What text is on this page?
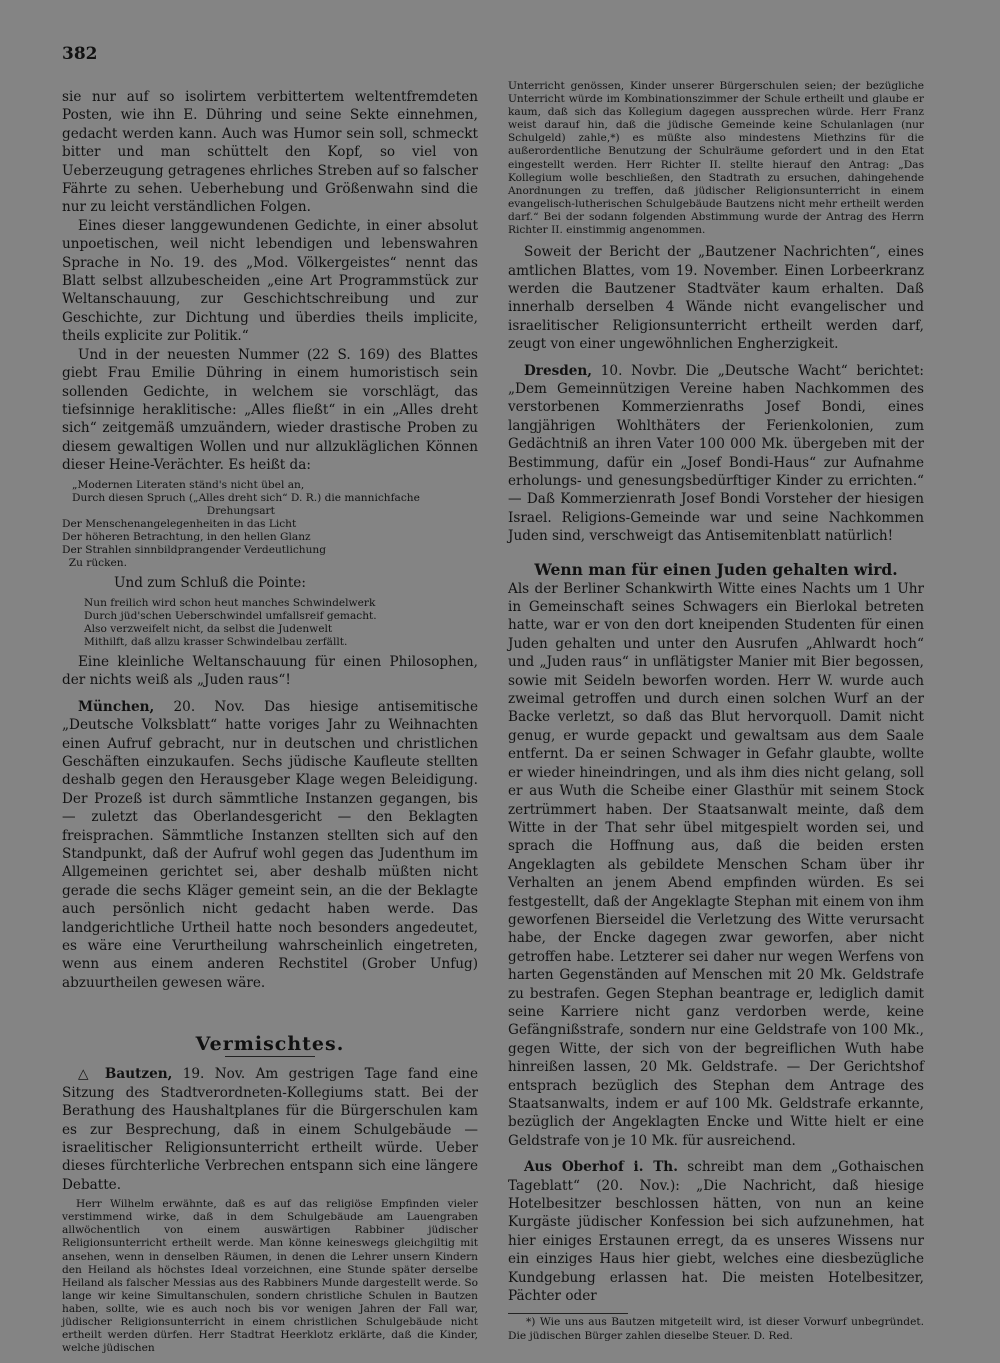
382

sie nur auf so isolirtem verbittertem weltentfremdeten Posten, wie ihn E. Dühring und seine Sekte einnehmen, gedacht werden kann. Auch was Humor sein soll, schmeckt bitter und man schüttelt den Kopf, so viel von Ueberzeugung getragenes ehrliches Streben auf so falscher Fährte zu sehen. Ueberhebung und Größenwahn sind die nur zu leicht verständlichen Folgen.

Eines dieser langgewundenen Gedichte, in einer absolut unpoetischen, weil nicht lebendigen und lebenswahren Sprache in No. 19. des „Mod. Völkergeistes“ nennt das Blatt selbst allzubescheiden „eine Art Programmstück zur Weltanschauung, zur Geschichtschreibung und zur Geschichte, zur Dichtung und überdies theils implicite, theils explicite zur Politik.“

Und in der neuesten Nummer (22 S. 169) des Blattes giebt Frau Emilie Dühring in einem humoristisch sein sollenden Gedichte, in welchem sie vorschlägt, das tiefsinnige heraklitische: „Alles fließt“ in ein „Alles dreht sich“ zeitgemäß umzuändern, wieder drastische Proben zu diesem gewaltigen Wollen und nur allzukläglichen Können dieser Heine-Verächter. Es heißt da:

„Modernen Literaten ständ's nicht übel an,

Durch diesen Spruch („Alles dreht sich“ D. R.) die mannichfache

Drehungsart

Der Menschenangelegenheiten in das Licht

Der höheren Betrachtung, in den hellen Glanz

Der Strahlen sinnbildprangender Verdeutlichung

Zu rücken.

Und zum Schluß die Pointe:

Nun freilich wird schon heut manches Schwindelwerk

Durch jüd'schen Ueberschwindel umfallsreif gemacht.

Also verzweifelt nicht, da selbst die Judenwelt

Mithilft, daß allzu krasser Schwindelbau zerfällt.

Eine kleinliche Weltanschauung für einen Philosophen, der nichts weiß als „Juden raus“!

München, 20. Nov. Das hiesige antisemitische „Deutsche Volksblatt“ hatte voriges Jahr zu Weihnachten einen Aufruf gebracht, nur in deutschen und christlichen Geschäften einzukaufen. Sechs jüdische Kaufleute stellten deshalb gegen den Herausgeber Klage wegen Beleidigung. Der Prozeß ist durch sämmtliche Instanzen gegangen, bis — zuletzt das Oberlandesgericht — den Beklagten freisprachen. Sämmtliche Instanzen stellten sich auf den Standpunkt, daß der Aufruf wohl gegen das Judenthum im Allgemeinen gerichtet sei, aber deshalb müßten nicht gerade die sechs Kläger gemeint sein, an die der Beklagte auch persönlich nicht gedacht haben werde. Das landgerichtliche Urtheil hatte noch besonders angedeutet, es wäre eine Verurtheilung wahrscheinlich eingetreten, wenn aus einem anderen Rechstitel (Grober Unfug) abzuurtheilen gewesen wäre.

Vermischtes.

△ Bautzen, 19. Nov. Am gestrigen Tage fand eine Sitzung des Stadtverordneten-Kollegiums statt. Bei der Berathung des Haushaltplanes für die Bürgerschulen kam es zur Besprechung, daß in einem Schulgebäude — israelitischer Religionsunterricht ertheilt würde. Ueber dieses fürchterliche Verbrechen entspann sich eine längere Debatte.

Herr Wilhelm erwähnte, daß es auf das religiöse Empfinden vieler verstimmend wirke, daß in dem Schulgebäude am Lauengraben allwöchentlich von einem auswärtigen Rabbiner jüdischer Religionsunterricht ertheilt werde. Man könne keineswegs gleichgiltig mit ansehen, wenn in denselben Räumen, in denen die Lehrer unsern Kindern den Heiland als höchstes Ideal vorzeichnen, eine Stunde später derselbe Heiland als falscher Messias aus des Rabbiners Munde dargestellt werde. So lange wir keine Simultanschulen, sondern christliche Schulen in Bautzen haben, sollte, wie es auch noch bis vor wenigen Jahren der Fall war, jüdischer Religionsunterricht in einem christlichen Schulgebäude nicht ertheilt werden dürfen. Herr Stadtrat Heerklotz erklärte, daß die Kinder, welche jüdischen

Unterricht genössen, Kinder unserer Bürgerschulen seien; der bezügliche Unterricht würde im Kombinationszimmer der Schule ertheilt und glaube er kaum, daß sich das Kollegium dagegen aussprechen würde. Herr Franz weist darauf hin, daß die jüdische Gemeinde keine Schulanlagen (nur Schulgeld) zahle,*) es müßte also mindestens Miethzins für die außerordentliche Benutzung der Schulräume gefordert und in den Etat eingestellt werden. Herr Richter II. stellte hierauf den Antrag: „Das Kollegium wolle beschließen, den Stadtrath zu ersuchen, dahingehende Anordnungen zu treffen, daß jüdischer Religionsunterricht in einem evangelisch-lutherischen Schulgebäude Bautzens nicht mehr ertheilt werden darf.“ Bei der sodann folgenden Abstimmung wurde der Antrag des Herrn Richter II. einstimmig angenommen.

Soweit der Bericht der „Bautzener Nachrichten“, eines amtlichen Blattes, vom 19. November. Einen Lorbeerkranz werden die Bautzener Stadtväter kaum erhalten. Daß innerhalb derselben 4 Wände nicht evangelischer und israelitischer Religionsunterricht ertheilt werden darf, zeugt von einer ungewöhnlichen Engherzigkeit.

Dresden, 10. Novbr. Die „Deutsche Wacht“ berichtet: „Dem Gemeinnützigen Vereine haben Nachkommen des verstorbenen Kommerzienraths Josef Bondi, eines langjährigen Wohlthäters der Ferienkolonien, zum Gedächtniß an ihren Vater 100 000 Mk. übergeben mit der Bestimmung, dafür ein „Josef Bondi-Haus“ zur Aufnahme erholungs- und genesungsbedürftiger Kinder zu errichten.“ — Daß Kommerzienrath Josef Bondi Vorsteher der hiesigen Israel. Religions-Gemeinde war und seine Nachkommen Juden sind, verschweigt das Antisemitenblatt natürlich!

Wenn man für einen Juden gehalten wird.

Als der Berliner Schankwirth Witte eines Nachts um 1 Uhr in Gemeinschaft seines Schwagers ein Bierlokal betreten hatte, war er von den dort kneipenden Studenten für einen Juden gehalten und unter den Ausrufen „Ahlwardt hoch“ und „Juden raus“ in unflätigster Manier mit Bier begossen, sowie mit Seideln beworfen worden. Herr W. wurde auch zweimal getroffen und durch einen solchen Wurf an der Backe verletzt, so daß das Blut hervorquoll. Damit nicht genug, er wurde gepackt und gewaltsam aus dem Saale entfernt. Da er seinen Schwager in Gefahr glaubte, wollte er wieder hineindringen, und als ihm dies nicht gelang, soll er aus Wuth die Scheibe einer Glasthür mit seinem Stock zertrümmert haben. Der Staatsanwalt meinte, daß dem Witte in der That sehr übel mitgespielt worden sei, und sprach die Hoffnung aus, daß die beiden ersten Angeklagten als gebildete Menschen Scham über ihr Verhalten an jenem Abend empfinden würden. Es sei festgestellt, daß der Angeklagte Stephan mit einem von ihm geworfenen Bierseidel die Verletzung des Witte verursacht habe, der Encke dagegen zwar geworfen, aber nicht getroffen habe. Letzterer sei daher nur wegen Werfens von harten Gegenständen auf Menschen mit 20 Mk. Geldstrafe zu bestrafen. Gegen Stephan beantrage er, lediglich damit seine Karriere nicht ganz verdorben werde, keine Gefängnißstrafe, sondern nur eine Geldstrafe von 100 Mk., gegen Witte, der sich von der begreiflichen Wuth habe hinreißen lassen, 20 Mk. Geldstrafe. — Der Gerichtshof entsprach bezüglich des Stephan dem Antrage des Staatsanwalts, indem er auf 100 Mk. Geldstrafe erkannte, bezüglich der Angeklagten Encke und Witte hielt er eine Geldstrafe von je 10 Mk. für ausreichend.

Aus Oberhof i. Th. schreibt man dem „Gothaischen Tageblatt“ (20. Nov.): „Die Nachricht, daß hiesige Hotelbesitzer beschlossen hätten, von nun an keine Kurgäste jüdischer Konfession bei sich aufzunehmen, hat hier einiges Erstaunen erregt, da es unseres Wissens nur ein einziges Haus hier giebt, welches eine diesbezügliche Kundgebung erlassen hat. Die meisten Hotelbesitzer, Pächter oder

*) Wie uns aus Bautzen mitgeteilt wird, ist dieser Vorwurf unbegründet. Die jüdischen Bürger zahlen dieselbe Steuer. D. Red.
